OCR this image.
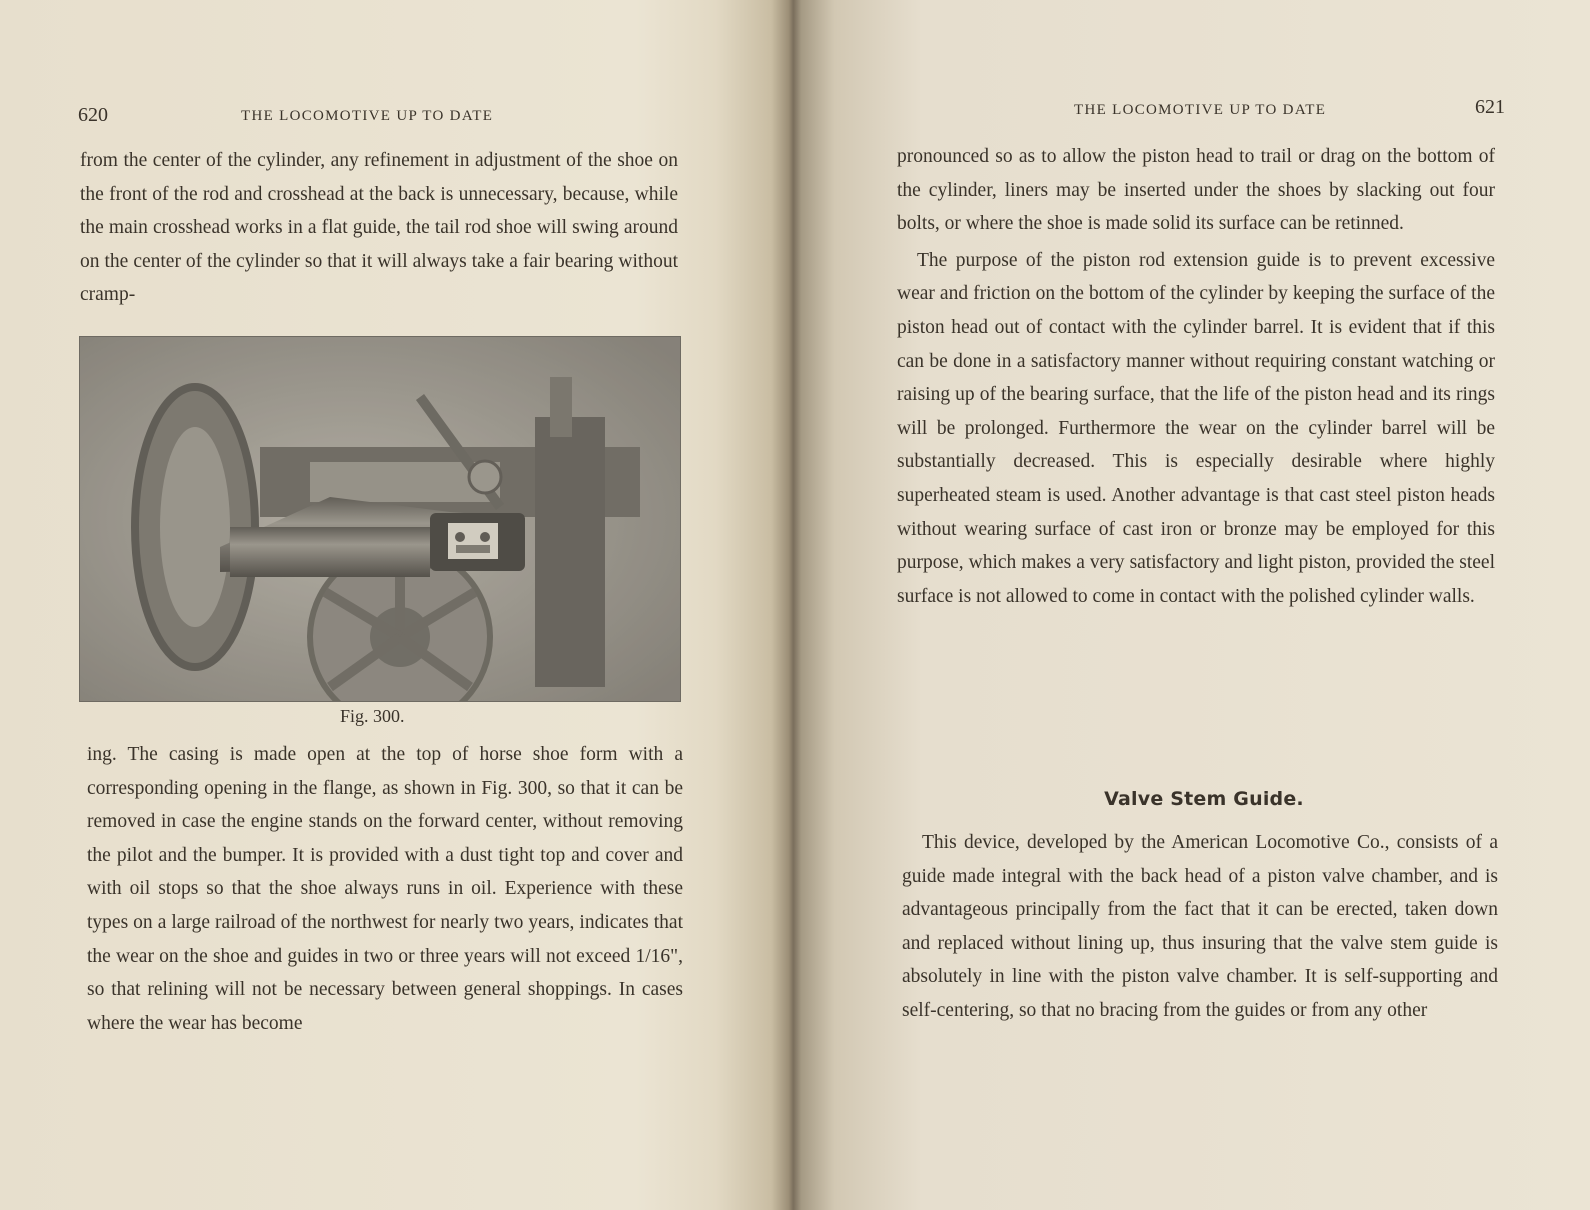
620	THE LOCOMOTIVE UP TO DATE

from the center of the cylinder, any refinement in adjustment of the shoe on the front of the rod and crosshead at the back is unnecessary, because, while the main crosshead works in a flat guide, the tail rod shoe will swing around on the center of the cylinder so that it will always take a fair bearing without cramp-

Fig. 300.

ing. The casing is made open at the top of horse shoe form with a corresponding opening in the flange, as shown in Fig. 300, so that it can be removed in case the engine stands on the forward center, without removing the pilot and the bumper. It is provided with a dust tight top and cover and with oil stops so that the shoe always runs in oil. Experience with these types on a large railroad of the northwest for nearly two years, indicates that the wear on the shoe and guides in two or three years will not exceed 1/16", so that relining will not be necessary between general shoppings. In cases where the wear has become

THE LOCOMOTIVE UP TO DATE	621

pronounced so as to allow the piston head to trail or drag on the bottom of the cylinder, liners may be inserted under the shoes by slacking out four bolts, or where the shoe is made solid its surface can be retinned.

The purpose of the piston rod extension guide is to prevent excessive wear and friction on the bottom of the cylinder by keeping the surface of the piston head out of contact with the cylinder barrel. It is evident that if this can be done in a satisfactory manner without requiring constant watching or raising up of the bearing surface, that the life of the piston head and its rings will be prolonged. Furthermore the wear on the cylinder barrel will be substantially decreased. This is especially desirable where highly superheated steam is used. Another advantage is that cast steel piston heads without wearing surface of cast iron or bronze may be employed for this purpose, which makes a very satisfactory and light piston, provided the steel surface is not allowed to come in contact with the polished cylinder walls.

Valve Stem Guide.

This device, developed by the American Locomotive Co., consists of a guide made integral with the back head of a piston valve chamber, and is advantageous principally from the fact that it can be erected, taken down and replaced without lining up, thus insuring that the valve stem guide is absolutely in line with the piston valve chamber. It is self-supporting and self-centering, so that no bracing from the guides or from any other
